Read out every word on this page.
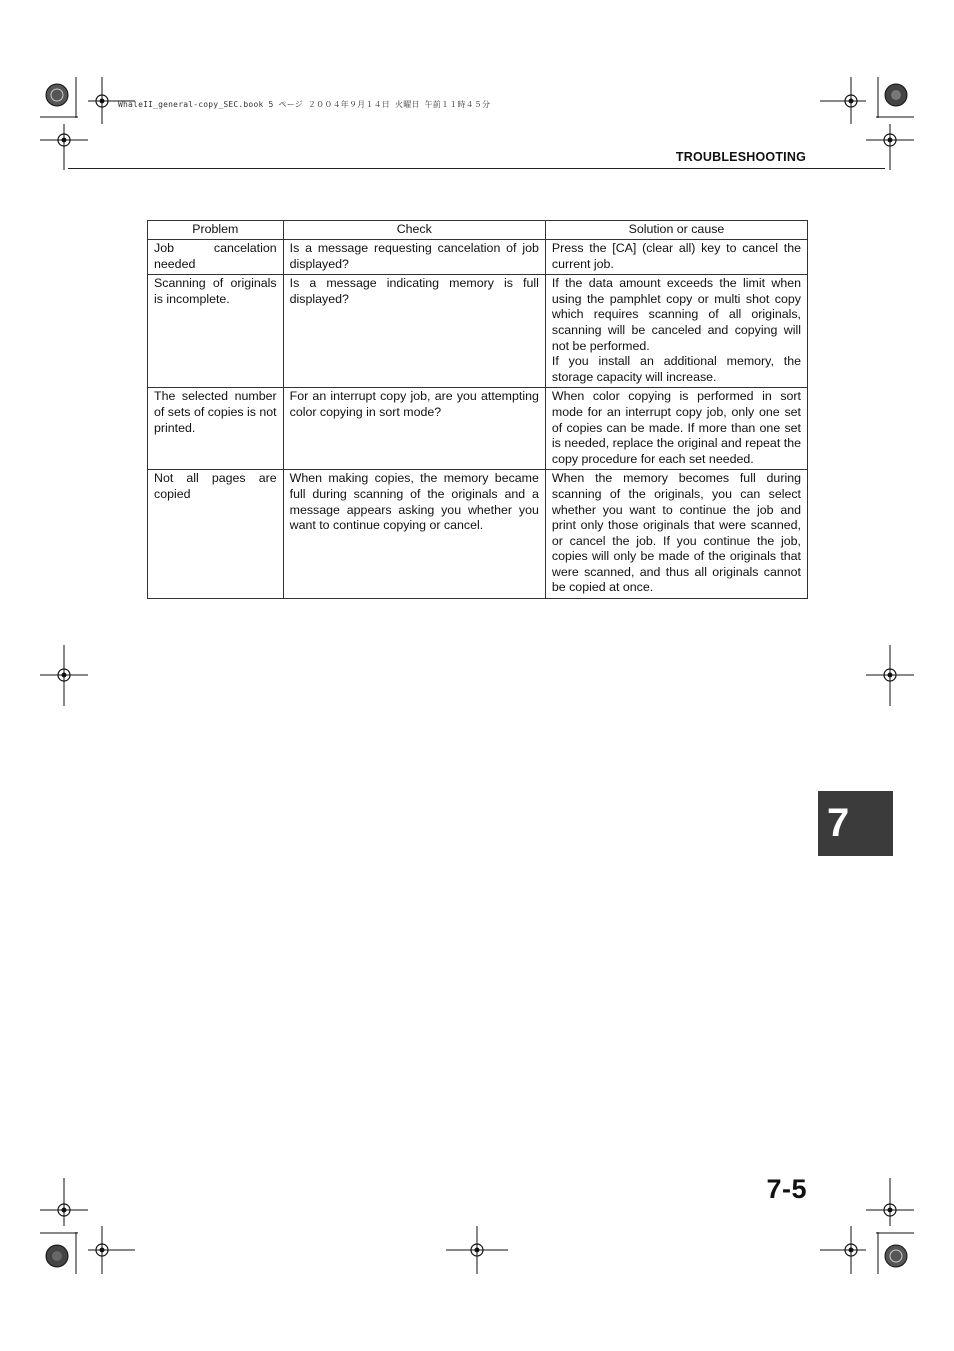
WhaleII_general-copy_SEC.book 5 ページ ２００４年９月１４日 火曜日 午前１１時４５分
TROUBLESHOOTING
Problem	Check	Solution or cause
Job cancelation needed	Is a message requesting cancelation of job displayed?	Press the [CA] (clear all) key to cancel the current job.

Scanning of originals is incomplete.	Is a message indicating memory is full displayed?	If the data amount exceeds the limit when using the pamphlet copy or multi shot copy which requires scanning of all originals, scanning will be canceled and copying will not be performed.
If you install an additional memory, the storage capacity will increase.

The selected number of sets of copies is not printed.	For an interrupt copy job, are you attempting color copying in sort mode?	When color copying is performed in sort mode for an interrupt copy job, only one set of copies can be made. If more than one set is needed, replace the original and repeat the copy procedure for each set needed.

Not all pages are copied	When making copies, the memory became full during scanning of the originals and a message appears asking you whether you want to continue copying or cancel.	When the memory becomes full during scanning of the originals, you can select whether you want to continue the job and print only those originals that were scanned, or cancel the job. If you continue the job, copies will only be made of the originals that were scanned, and thus all originals cannot be copied at once.
7
7-5
